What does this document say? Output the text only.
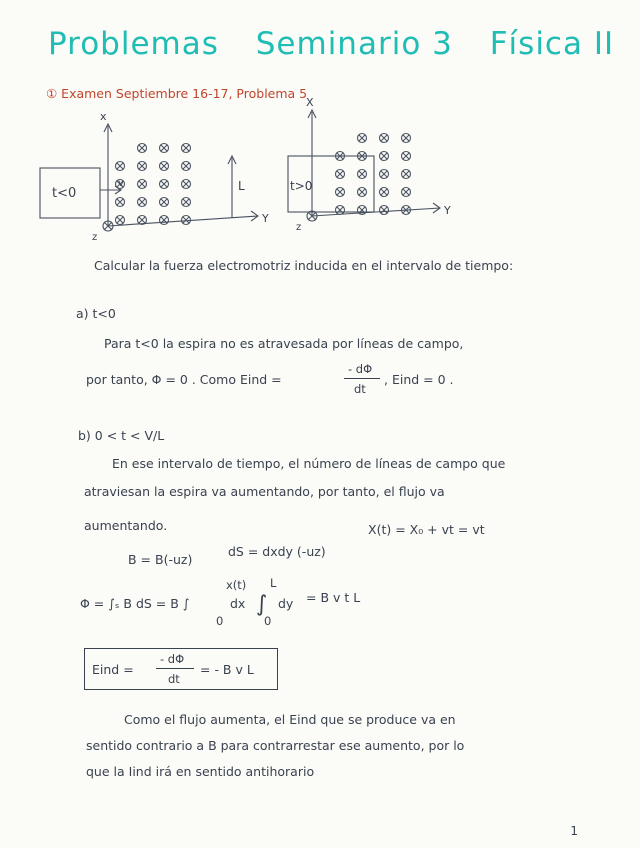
Problemas Seminario 3 Física II
① Examen Septiembre 16-17, Problema 5
x
Y
z
t<0
v	L
X
Y
z
t>0
Calcular la fuerza electromotriz inducida en el intervalo de tiempo:
a) t<0
Para t<0 la espira no es atravesada por líneas de campo,
por tanto, Φ = 0 . Como Eind =
- dΦ
dt
, Eind = 0 .
b) 0 < t < V/L
En ese intervalo de tiempo, el número de líneas de campo que
atraviesan la espira va aumentando, por tanto, el flujo va
aumentando.	X(t) = X₀ + vt = vt
B = B(-uz)
dS = dxdy (-uz)
Φ = ∫ₛ B dS = B ∫
x(t)
0
dx ∫
L
0
dy = B v t L
Eind =
- dΦ
dt
= - B v L
Como el flujo aumenta, el Eind que se produce va en
sentido contrario a B para contrarrestar ese aumento, por lo
que la Iind irá en sentido antihorario
1
